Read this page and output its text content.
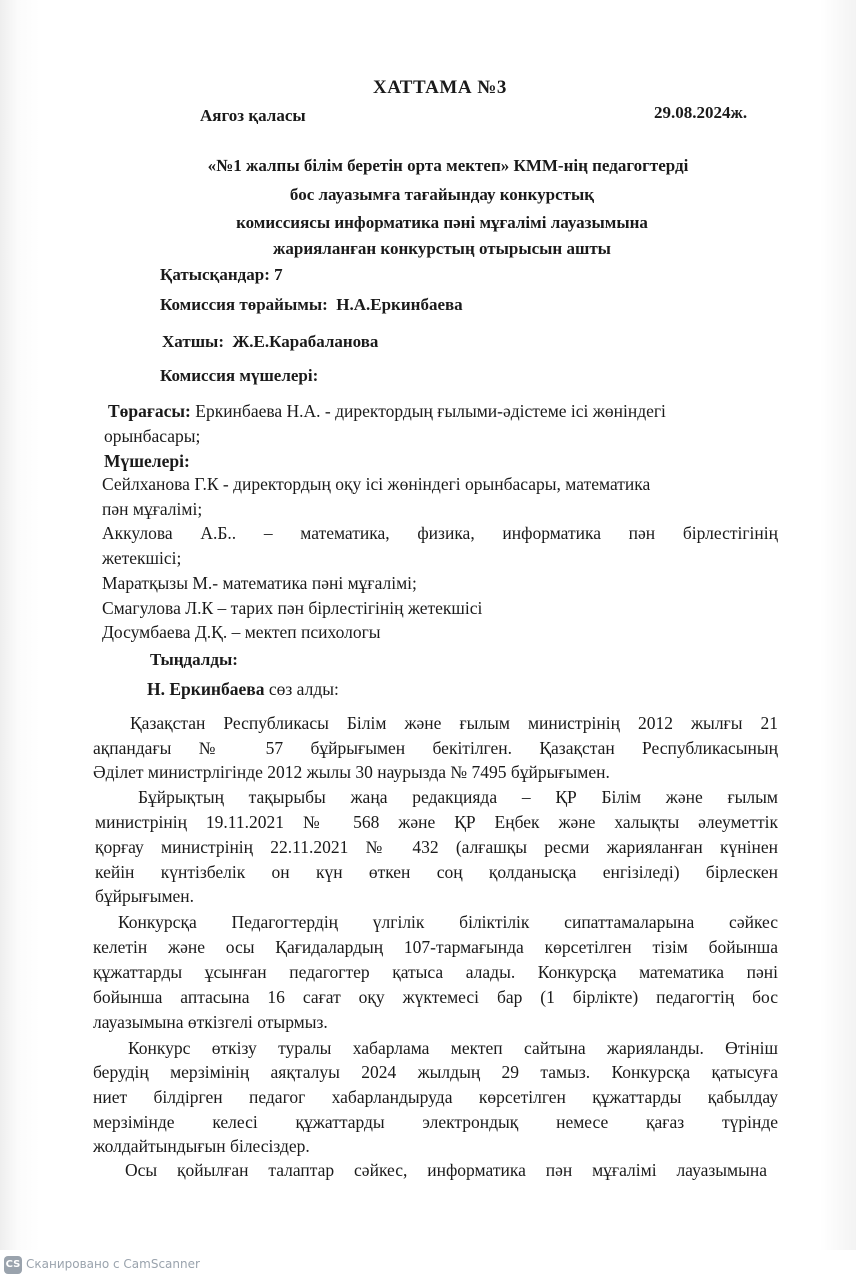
ХАТТАМА №3
Аягоз қаласы	29.08.2024ж.
«№1 жалпы білім беретін орта мектеп» КММ-нің педагогтерді
бос лауазымға тағайындау конкурстық
комиссиясы информатика пәні мұғалімі лауазымына
жарияланған конкурстың отырысын ашты
Қатысқандар: 7
Комиссия төрайымы: Н.А.Еркинбаева
Хатшы: Ж.Е.Карабаланова
Комиссия мүшелері:
Төрағасы: Еркинбаева Н.А. - директордың ғылыми-әдістеме ісі жөніндегі
орынбасары;
Мүшелері:
Сейлханова Г.К - директордың оқу ісі жөніндегі орынбасары, математика
пән мұғалімі;
Аккулова А.Б.. – математика, физика, информатика пән бірлестігінің
жетекшісі;
Маратқызы М.- математика пәні мұғалімі;
Смагулова Л.К – тарих пән бірлестігінің жетекшісі
Досумбаева Д.Қ. – мектеп психологы
Тыңдалды:
Н. Еркинбаева сөз алды:
Қазақстан Республикасы Білім және ғылым министрінің 2012 жылғы 21
ақпандағы № 57 бұйрығымен бекітілген. Қазақстан Республикасының
Әділет министрлігінде 2012 жылы 30 наурызда № 7495 бұйрығымен.
Бұйрықтың тақырыбы жаңа редакцияда – ҚР Білім және ғылым
министрінің 19.11.2021 № 568 және ҚР Еңбек және халықты әлеуметтік
қорғау министрінің 22.11.2021 № 432 (алғашқы ресми жарияланған күнінен
кейін күнтізбелік он күн өткен соң қолданысқа енгізіледі) бірлескен
бұйрығымен.
Конкурсқа Педагогтердің үлгілік біліктілік сипаттамаларына сәйкес
келетін және осы Қағидалардың 107-тармағында көрсетілген тізім бойынша
құжаттарды ұсынған педагогтер қатыса алады. Конкурсқа математика пәні
бойынша аптасына 16 сағат оқу жүктемесі бар (1 бірлікте) педагогтің бос
лауазымына өткізгелі отырмыз.
Конкурс өткізу туралы хабарлама мектеп сайтына жарияланды. Өтініш
берудің мерзімінің аяқталуы 2024 жылдың 29 тамыз. Конкурсқа қатысуға
ниет білдірген педагог хабарландыруда көрсетілген құжаттарды қабылдау
мерзімінде келесі құжаттарды электрондық немесе қағаз түрінде
жолдайтындығын білесіздер.
Осы қойылған талаптар сәйкес, информатика пән мұғалімі лауазымына
CS Сканировано с CamScanner
